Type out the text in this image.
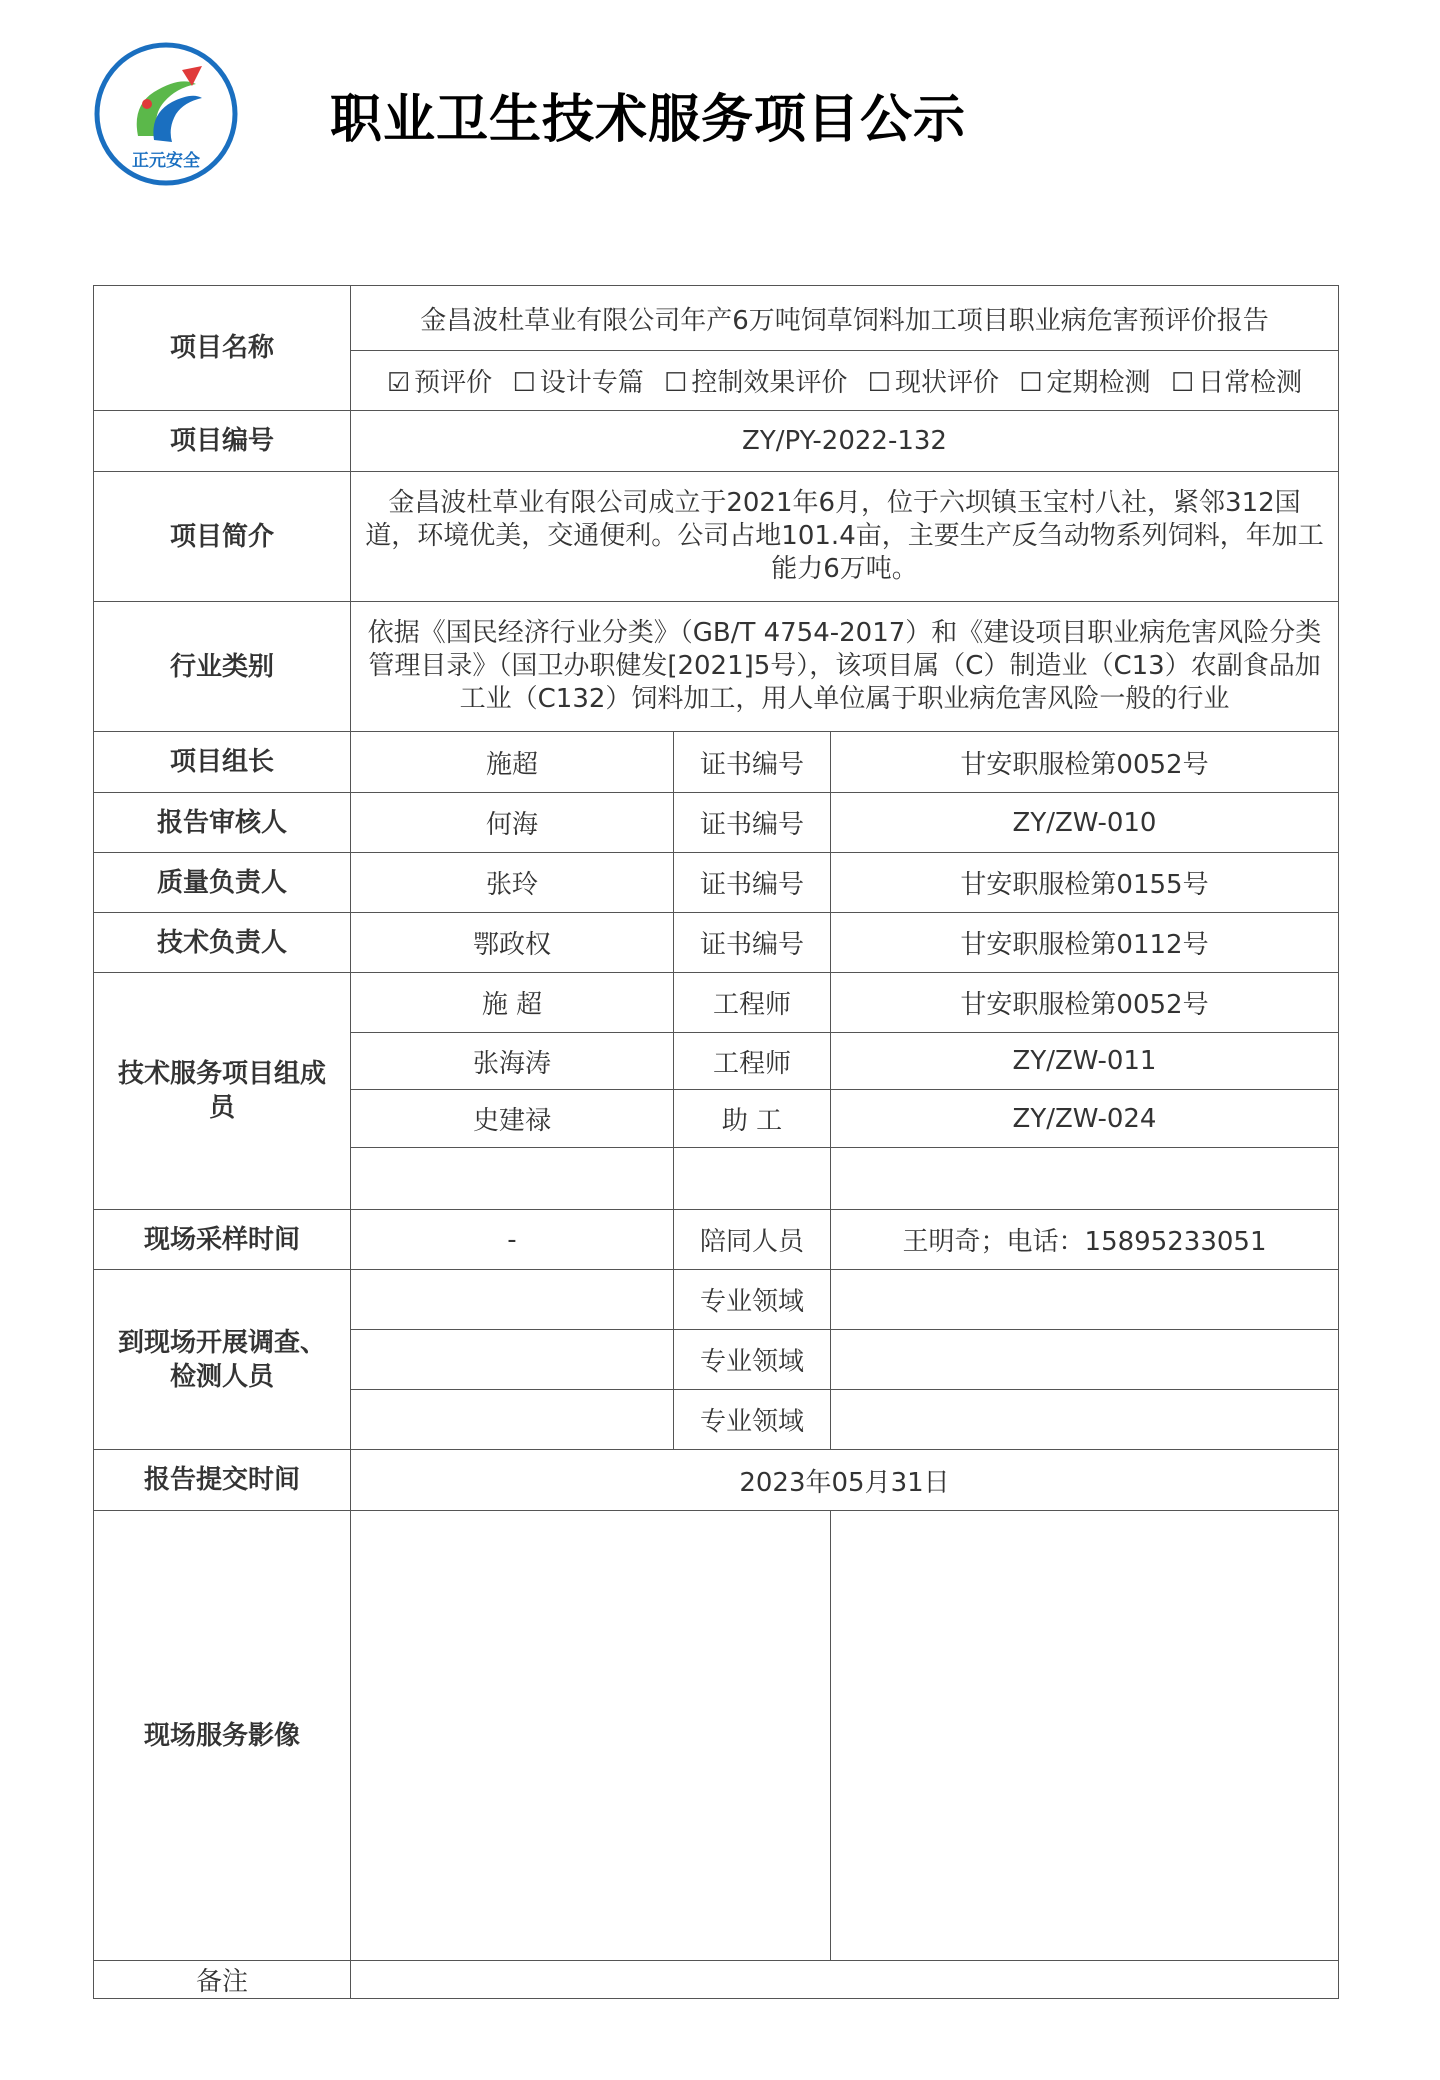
正元安全
职业卫生技术服务项目公示
项目名称	金昌波杜草业有限公司年产6万吨饲草饲料加工项目职业病危害预评价报告		
	☑ 预评价 ☐ 设计专篇 ☐ 控制效果评价 ☐ 现状评价 ☐ 定期检测 ☐ 日常检测		
项目编号	ZY/PY-2022-132		
项目简介	金昌波杜草业有限公司成立于2021年6月，位于六坝镇玉宝村八社，紧邻312国道，环境优美，交通便利。公司占地101.4亩，主要生产反刍动物系列饲料，年加工能力6万吨。		
行业类别	依据《国民经济行业分类》（GB/T 4754-2017）和《建设项目职业病危害风险分类管理目录》（国卫办职健发[2021]5号），该项目属（C）制造业（C13）农副食品加工业（C132）饲料加工，用人单位属于职业病危害风险一般的行业		
项目组长	施超	证书编号	甘安职服检第0052号
报告审核人	何海	证书编号	ZY/ZW-010
质量负责人	张玲	证书编号	甘安职服检第0155号
技术负责人	鄂政权	证书编号	甘安职服检第0112号
技术服务项目组成员	施 超	工程师	甘安职服检第0052号
	张海涛	工程师	ZY/ZW-011
	史建禄	助 工	ZY/ZW-024

现场采样时间	-	陪同人员	王明奇；电话：15895233051
到现场开展调查、检测人员		专业领域	
		专业领域	
		专业领域	
报告提交时间	2023年05月31日		
现场服务影像			
备注			
